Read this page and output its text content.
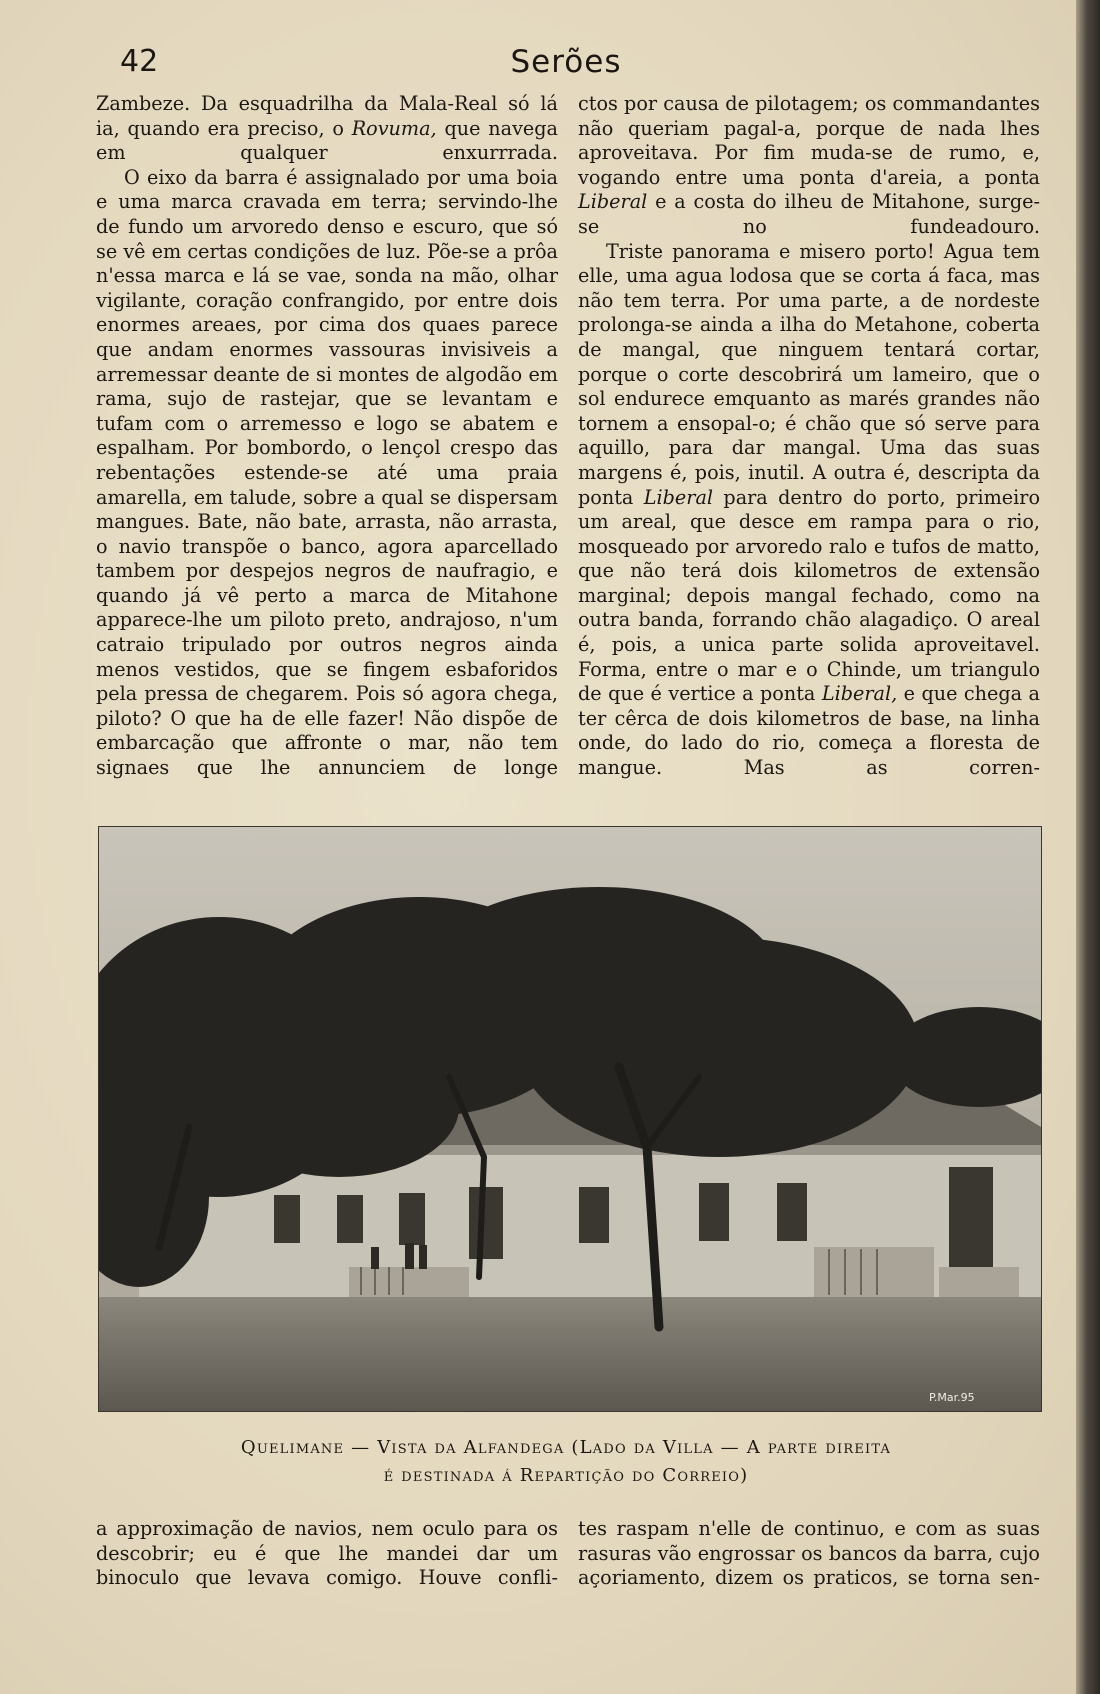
42	Serões

Zambeze. Da esquadrilha da Mala-Real só lá ia, quando era preciso, o Rovuma, que navega em qualquer enxurrrada.

O eixo da barra é assignalado por uma boia e uma marca cravada em terra; servindo-lhe de fundo um arvoredo denso e escuro, que só se vê em certas condições de luz. Põe-se a prôa n'essa marca e lá se vae, sonda na mão, olhar vigilante, coração confrangido, por entre dois enormes areaes, por cima dos quaes parece que andam enormes vassouras invisiveis a arremessar deante de si montes de algodão em rama, sujo de rastejar, que se levantam e tufam com o arremesso e logo se abatem e espalham. Por bombordo, o lençol crespo das rebentações estende-se até uma praia amarella, em talude, sobre a qual se dispersam mangues. Bate, não bate, arrasta, não arrasta, o navio transpõe o banco, agora aparcellado tambem por despejos negros de naufragio, e quando já vê perto a marca de Mitahone apparece-lhe um piloto preto, andrajoso, n'um catraio tripulado por outros negros ainda menos vestidos, que se fingem esbaforidos pela pressa de chegarem. Pois só agora chega, piloto? O que ha de elle fazer! Não dispõe de embarcação que affronte o mar, não tem signaes que lhe annunciem de longe

ctos por causa de pilotagem; os commandantes não queriam pagal-a, porque de nada lhes aproveitava. Por fim muda-se de rumo, e, vogando entre uma ponta d'areia, a ponta Liberal e a costa do ilheu de Mitahone, surge-se no fundeadouro.

Triste panorama e misero porto! Agua tem elle, uma agua lodosa que se corta á faca, mas não tem terra. Por uma parte, a de nordeste prolonga-se ainda a ilha do Metahone, coberta de mangal, que ninguem tentará cortar, porque o corte descobrirá um lameiro, que o sol endurece emquanto as marés grandes não tornem a ensopal-o; é chão que só serve para aquillo, para dar mangal. Uma das suas margens é, pois, inutil. A outra é, descripta da ponta Liberal para dentro do porto, primeiro um areal, que desce em rampa para o rio, mosqueado por arvoredo ralo e tufos de matto, que não terá dois kilometros de extensão marginal; depois mangal fechado, como na outra banda, forrando chão alagadiço. O areal é, pois, a unica parte solida aproveitavel. Forma, entre o mar e o Chinde, um triangulo de que é vertice a ponta Liberal, e que chega a ter cêrca de dois kilometros de base, na linha onde, do lado do rio, começa a floresta de mangue. Mas as corren-

P.Mar.95
Quelimane — Vista da Alfandega (Lado da Villa — A parte direita
é destinada á Repartição do Correio)

a approximação de navios, nem oculo para os descobrir; eu é que lhe mandei dar um binoculo que levava comigo. Houve confli-

tes raspam n'elle de continuo, e com as suas rasuras vão engrossar os bancos da barra, cujo açoriamento, dizem os praticos, se torna sen-
